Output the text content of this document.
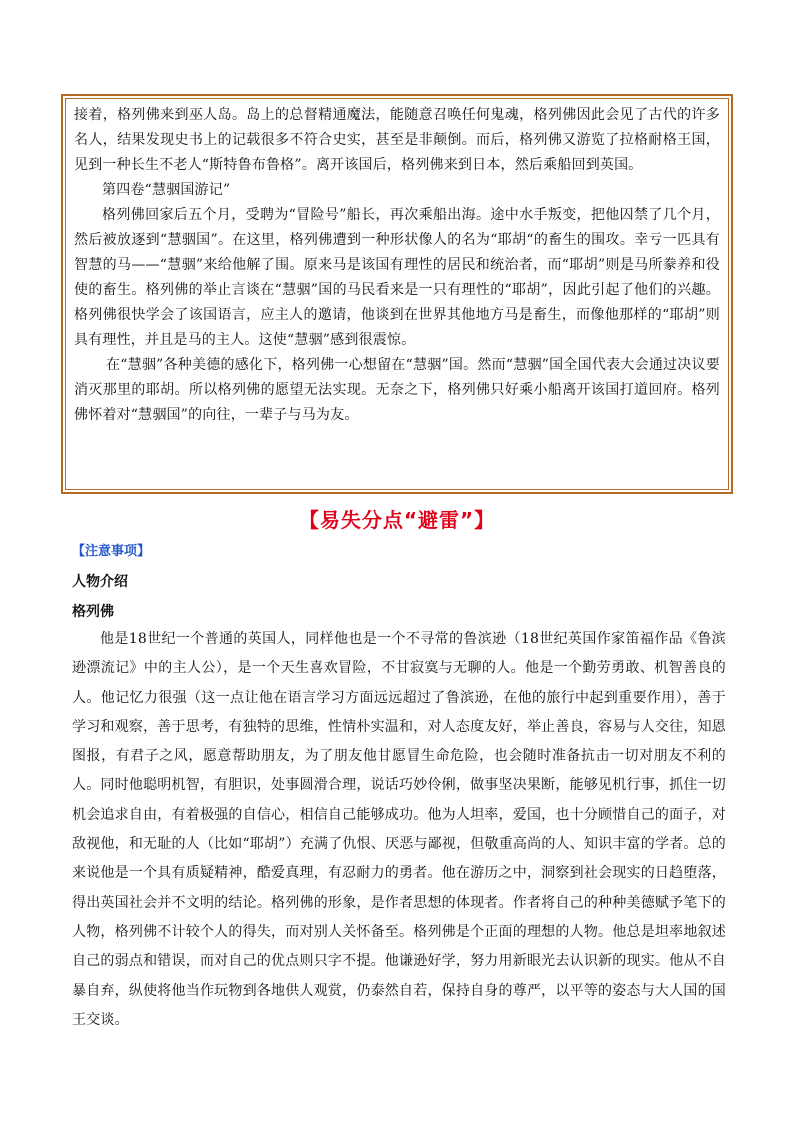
接着，格列佛来到巫人岛。岛上的总督精通魔法，能随意召唤任何鬼魂，格列佛因此会见了古代的许多名人，结果发现史书上的记载很多不符合史实，甚至是非颠倒。而后，格列佛又游览了拉格耐格王国，见到一种长生不老人“斯特鲁布鲁格”。离开该国后，格列佛来到日本，然后乘船回到英国。

第四卷“慧骃国游记”

格列佛回家后五个月，受聘为“冒险号”船长，再次乘船出海。途中水手叛变，把他囚禁了几个月，然后被放逐到“慧骃国”。在这里，格列佛遭到一种形状像人的名为“耶胡“的畜生的围攻。幸亏一匹具有智慧的马——“慧骃”来给他解了围。原来马是该国有理性的居民和统治者，而“耶胡”则是马所豢养和役使的畜生。格列佛的举止言谈在“慧骃”国的马民看来是一只有理性的“耶胡”，因此引起了他们的兴趣。格列佛很快学会了该国语言，应主人的邀请，他谈到在世界其他地方马是畜生，而像他那样的“耶胡”则具有理性，并且是马的主人。这使“慧骃”感到很震惊。

在“慧骃”各种美德的感化下，格列佛一心想留在“慧骃”国。然而“慧骃”国全国代表大会通过决议要消灭那里的耶胡。所以格列佛的愿望无法实现。无奈之下，格列佛只好乘小船离开该国打道回府。格列佛怀着对“慧骃国”的向往，一辈子与马为友。

【易失分点“避雷”】
【注意事项】
人物介绍
格列佛

他是18世纪一个普通的英国人，同样他也是一个不寻常的鲁滨逊（18世纪英国作家笛福作品《鲁滨逊漂流记》中的主人公），是一个天生喜欢冒险，不甘寂寞与无聊的人。他是一个勤劳勇敢、机智善良的人。他记忆力很强（这一点让他在语言学习方面远远超过了鲁滨逊，在他的旅行中起到重要作用），善于学习和观察，善于思考，有独特的思维，性情朴实温和，对人态度友好，举止善良，容易与人交往，知恩图报，有君子之风，愿意帮助朋友，为了朋友他甘愿冒生命危险，也会随时准备抗击一切对朋友不利的人。同时他聪明机智，有胆识，处事圆滑合理，说话巧妙伶俐，做事坚决果断，能够见机行事，抓住一切机会追求自由，有着极强的自信心，相信自己能够成功。他为人坦率，爱国，也十分顾惜自己的面子，对敌视他，和无耻的人（比如“耶胡”）充满了仇恨、厌恶与鄙视，但敬重高尚的人、知识丰富的学者。总的来说他是一个具有质疑精神，酷爱真理，有忍耐力的勇者。他在游历之中，洞察到社会现实的日趋堕落，得出英国社会并不文明的结论。格列佛的形象，是作者思想的体现者。作者将自己的种种美德赋予笔下的人物，格列佛不计较个人的得失，而对别人关怀备至。格列佛是个正面的理想的人物。他总是坦率地叙述自己的弱点和错误，而对自己的优点则只字不提。他谦逊好学，努力用新眼光去认识新的现实。他从不自暴自弃，纵使将他当作玩物到各地供人观赏，仍泰然自若，保持自身的尊严，以平等的姿态与大人国的国王交谈。
